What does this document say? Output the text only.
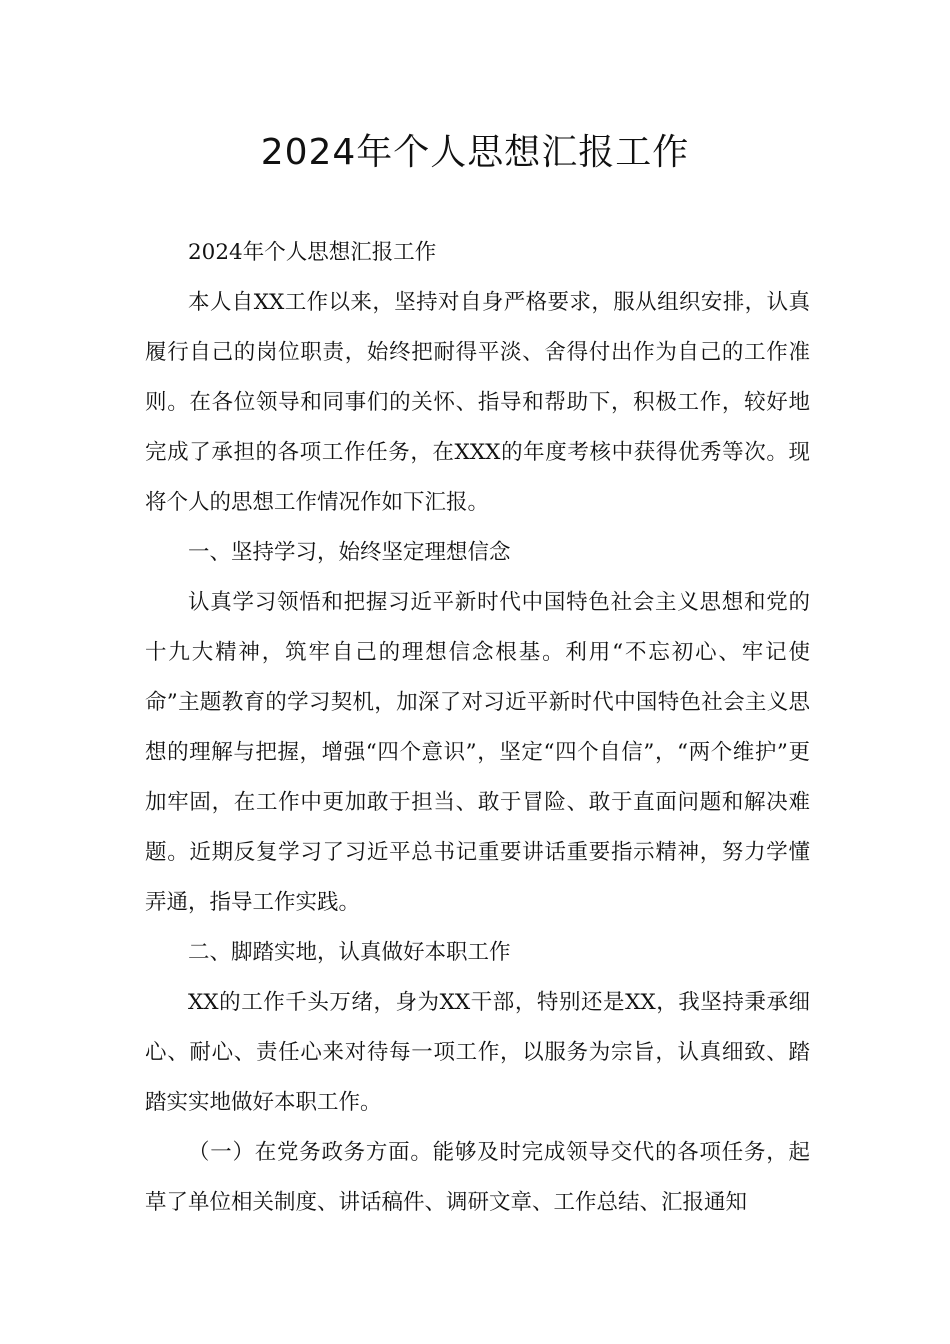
2024年个人思想汇报工作

2024年个人思想汇报工作

本人自XX工作以来，坚持对自身严格要求，服从组织安排，认真履行自己的岗位职责，始终把耐得平淡、舍得付出作为自己的工作准则。在各位领导和同事们的关怀、指导和帮助下，积极工作，较好地完成了承担的各项工作任务，在XXX的年度考核中获得优秀等次。现将个人的思想工作情况作如下汇报。

一、坚持学习，始终坚定理想信念

认真学习领悟和把握习近平新时代中国特色社会主义思想和党的十九大精神，筑牢自己的理想信念根基。利用“不忘初心、牢记使命”主题教育的学习契机，加深了对习近平新时代中国特色社会主义思想的理解与把握，增强“四个意识”，坚定“四个自信”，“两个维护”更加牢固，在工作中更加敢于担当、敢于冒险、敢于直面问题和解决难题。近期反复学习了习近平总书记重要讲话重要指示精神，努力学懂弄通，指导工作实践。

二、脚踏实地，认真做好本职工作

XX的工作千头万绪，身为XX干部，特别还是XX，我坚持秉承细心、耐心、责任心来对待每一项工作，以服务为宗旨，认真细致、踏踏实实地做好本职工作。

（一）在党务政务方面。能够及时完成领导交代的各项任务，起草了单位相关制度、讲话稿件、调研文章、工作总结、汇报通知
